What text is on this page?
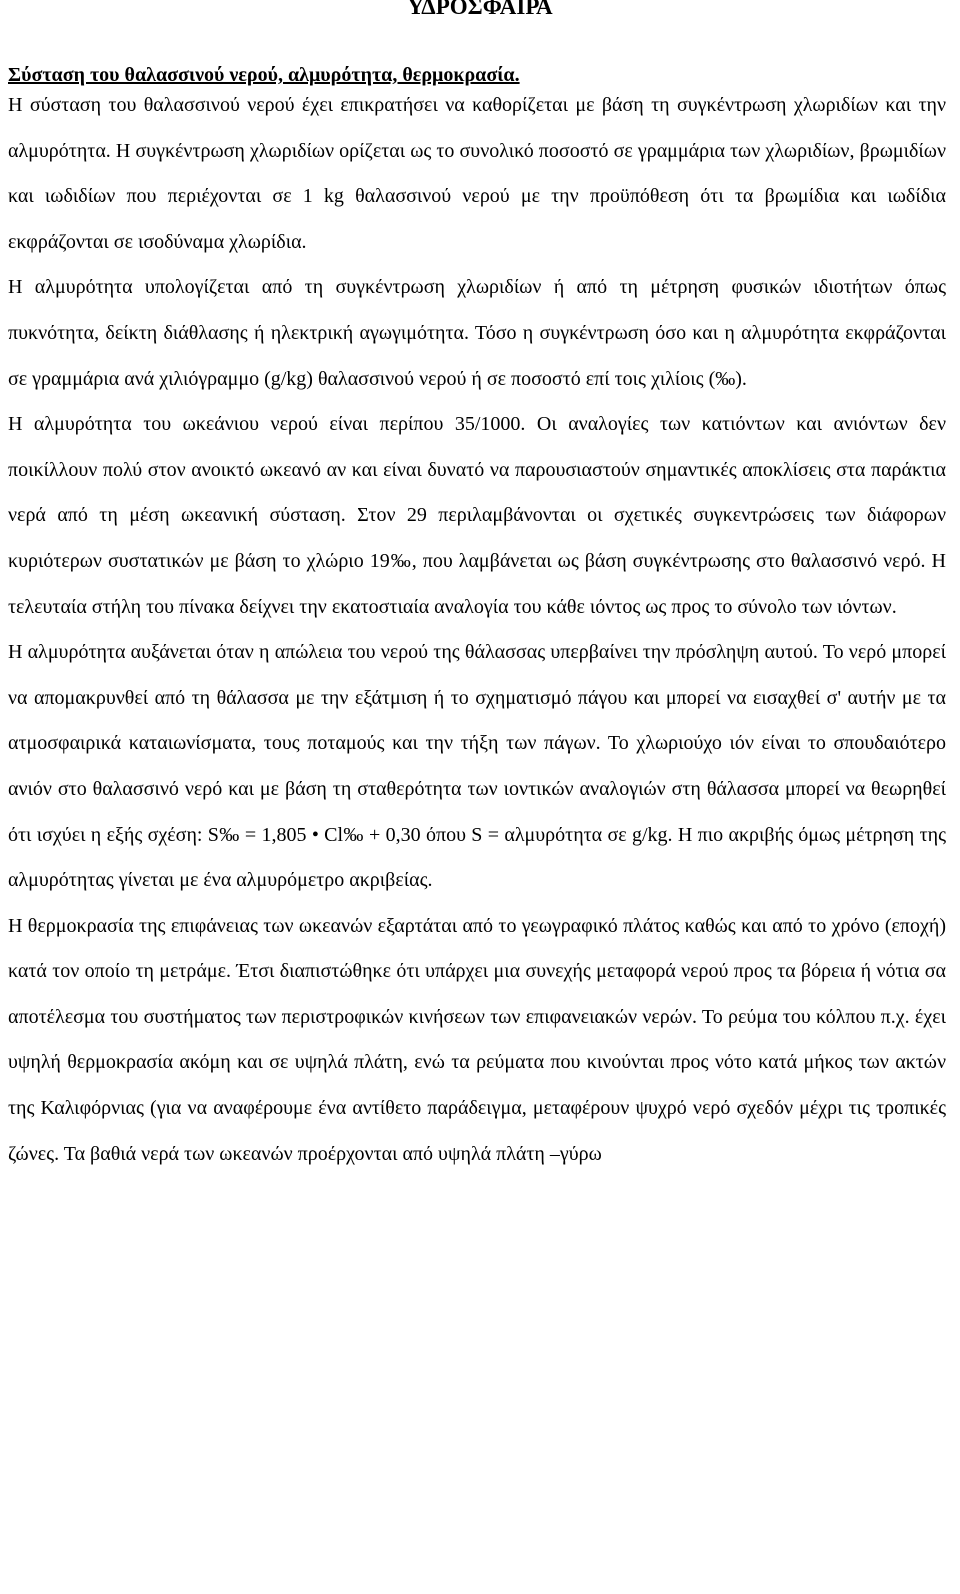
ΥΔΡΟΣΦΑΙΡΑ

Σύσταση του θαλασσινού νερού, αλμυρότητα, θερμοκρασία.

Η σύσταση του θαλασσινού νερού έχει επικρατήσει να καθορίζεται με βάση τη συγκέντρωση χλωριδίων και την αλμυρότητα. Η συγκέντρωση χλωριδίων ορίζεται ως το συνολικό ποσοστό σε γραμμάρια των χλωριδίων, βρωμιδίων και ιωδιδίων που περιέχονται σε 1 kg θαλασσινού νερού με την προϋπόθεση ότι τα βρωμίδια και ιωδίδια εκφράζονται σε ισοδύναμα χλωρίδια.

Η αλμυρότητα υπολογίζεται από τη συγκέντρωση χλωριδίων ή από τη μέτρηση φυσικών ιδιοτήτων όπως πυκνότητα, δείκτη διάθλασης ή ηλεκτρική αγωγιμότητα. Τόσο η συγκέντρωση όσο και η αλμυρότητα εκφράζονται σε γραμμάρια ανά χιλιόγραμμο (g/kg) θαλασσινού νερού ή σε ποσοστό επί τοις χιλίοις (‰).

Η αλμυρότητα του ωκεάνιου νερού είναι περίπου 35/1000. Οι αναλογίες των κατιόντων και ανιόντων δεν ποικίλλουν πολύ στον ανοικτό ωκεανό αν και είναι δυνατό να παρουσιαστούν σημαντικές αποκλίσεις στα παράκτια νερά από τη μέση ωκεανική σύσταση. Στον 29 περιλαμβάνονται οι σχετικές συγκεντρώσεις των διάφορων κυριότερων συστατικών με βάση το χλώριο 19‰, που λαμβάνεται ως βάση συγκέντρωσης στο θαλασσινό νερό. Η τελευταία στήλη του πίνακα δείχνει την εκατοστιαία αναλογία του κάθε ιόντος ως προς το σύνολο των ιόντων.

Η αλμυρότητα αυξάνεται όταν η απώλεια του νερού της θάλασσας υπερβαίνει την πρόσληψη αυτού. Το νερό μπορεί να απομακρυνθεί από τη θάλασσα με την εξάτμιση ή το σχηματισμό πάγου και μπορεί να εισαχθεί σ' αυτήν με τα ατμοσφαιρικά καταιωνίσματα, τους ποταμούς και την τήξη των πάγων. Το χλωριούχο ιόν είναι το σπουδαιότερο ανιόν στο θαλασσινό νερό και με βάση τη σταθερότητα των ιοντικών αναλογιών στη θάλασσα μπορεί να θεωρηθεί ότι ισχύει η εξής σχέση: S‰ = 1,805 • Cl‰ + 0,30 όπου S = αλμυρότητα σε g/kg. Η πιο ακριβής όμως μέτρηση της αλμυρότητας γίνεται με ένα αλμυρόμετρο ακριβείας.

Η θερμοκρασία της επιφάνειας των ωκεανών εξαρτάται από το γεωγραφικό πλάτος καθώς και από το χρόνο (εποχή) κατά τον οποίο τη μετράμε. Έτσι διαπιστώθηκε ότι υπάρχει μια συνεχής μεταφορά νερού προς τα βόρεια ή νότια σα αποτέλεσμα του συστήματος των περιστροφικών κινήσεων των επιφανειακών νερών. Το ρεύμα του κόλπου π.χ. έχει υψηλή θερμοκρασία ακόμη και σε υψηλά πλάτη, ενώ τα ρεύματα που κινούνται προς νότο κατά μήκος των ακτών της Καλιφόρνιας (για να αναφέρουμε ένα αντίθετο παράδειγμα, μεταφέρουν ψυχρό νερό σχεδόν μέχρι τις τροπικές ζώνες. Τα βαθιά νερά των ωκεανών προέρχονται από υψηλά πλάτη –γύρω
